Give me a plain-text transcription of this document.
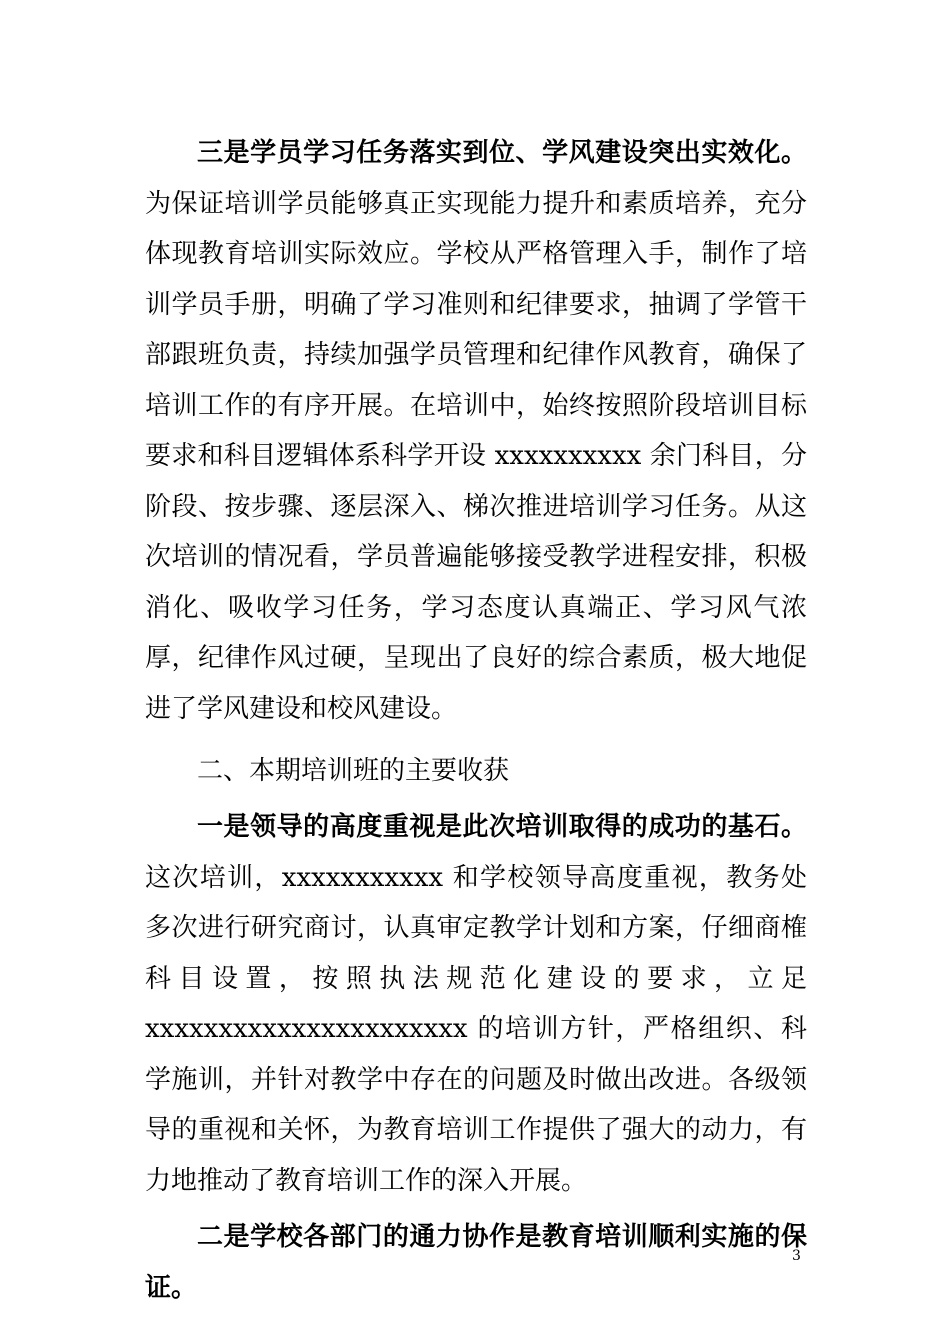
三是学员学习任务落实到位、学风建设突出实效化。为保证培训学员能够真正实现能力提升和素质培养，充分体现教育培训实际效应。学校从严格管理入手，制作了培训学员手册，明确了学习准则和纪律要求，抽调了学管干部跟班负责，持续加强学员管理和纪律作风教育，确保了培训工作的有序开展。在培训中，始终按照阶段培训目标要求和科目逻辑体系科学开设 xxxxxxxxxx 余门科目，分阶段、按步骤、逐层深入、梯次推进培训学习任务。从这次培训的情况看，学员普遍能够接受教学进程安排，积极消化、吸收学习任务，学习态度认真端正、学习风气浓厚，纪律作风过硬，呈现出了良好的综合素质，极大地促进了学风建设和校风建设。

二、本期培训班的主要收获

一是领导的高度重视是此次培训取得的成功的基石。这次培训，xxxxxxxxxxx 和学校领导高度重视，教务处多次进行研究商讨，认真审定教学计划和方案，仔细商榷科目设置，按照执法规范化建设的要求，立足 xxxxxxxxxxxxxxxxxxxxxx 的培训方针，严格组织、科学施训，并针对教学中存在的问题及时做出改进。各级领导的重视和关怀，为教育培训工作提供了强大的动力，有力地推动了教育培训工作的深入开展。

二是学校各部门的通力协作是教育培训顺利实施的保证。

3
